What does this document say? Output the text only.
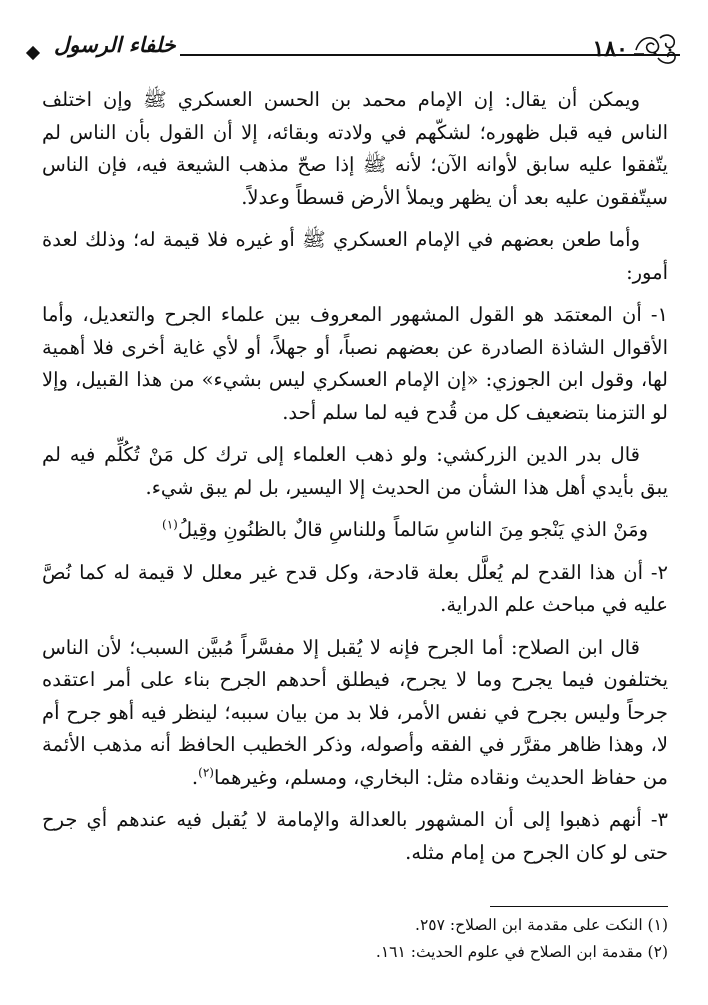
خلفاء الرسول	١٨٠

ويمكن أن يقال: إن الإمام محمد بن الحسن العسكري ﷺ وإن اختلف الناس فيه قبل ظهوره؛ لشكّهم في ولادته وبقائه، إلا أن القول بأن الناس لم يتّفقوا عليه سابق لأوانه الآن؛ لأنه ﷺ إذا صحّ مذهب الشيعة فيه، فإن الناس سيتّفقون عليه بعد أن يظهر ويملأ الأرض قسطاً وعدلاً.

وأما طعن بعضهم في الإمام العسكري ﷺ أو غيره فلا قيمة له؛ وذلك لعدة أمور:

١- أن المعتمَد هو القول المشهور المعروف بين علماء الجرح والتعديل، وأما الأقوال الشاذة الصادرة عن بعضهم نصباً، أو جهلاً، أو لأي غاية أخرى فلا أهمية لها، وقول ابن الجوزي: «إن الإمام العسكري ليس بشيء» من هذا القبيل، وإلا لو التزمنا بتضعيف كل من قُدح فيه لما سلم أحد.

قال بدر الدين الزركشي: ولو ذهب العلماء إلى ترك كل مَنْ تُكُلِّم فيه لم يبق بأيدي أهل هذا الشأن من الحديث إلا اليسير، بل لم يبق شيء.

ومَنْ الذي يَنْجو مِنَ الناسِ سَالماً
وللناسِ قالٌ بالظنُونِ وقِيلُ$^{(١)}$

٢- أن هذا القدح لم يُعلَّل بعلة قادحة، وكل قدح غير معلل لا قيمة له كما نُصَّ عليه في مباحث علم الدراية.

قال ابن الصلاح: أما الجرح فإنه لا يُقبل إلا مفسَّراً مُبيَّن السبب؛ لأن الناس يختلفون فيما يجرح وما لا يجرح، فيطلق أحدهم الجرح بناء على أمر اعتقده جرحاً وليس بجرح في نفس الأمر، فلا بد من بيان سببه؛ لينظر فيه أهو جرح أم لا، وهذا ظاهر مقرَّر في الفقه وأصوله، وذكر الخطيب الحافظ أنه مذهب الأئمة من حفاظ الحديث ونقاده مثل: البخاري، ومسلم، وغيرهما$^{(٢)}$.

٣- أنهم ذهبوا إلى أن المشهور بالعدالة والإمامة لا يُقبل فيه عندهم أي جرح حتى لو كان الجرح من إمام مثله.

(١) النكت على مقدمة ابن الصلاح: ٢٥٧.
(٢) مقدمة ابن الصلاح في علوم الحديث: ١٦١.
